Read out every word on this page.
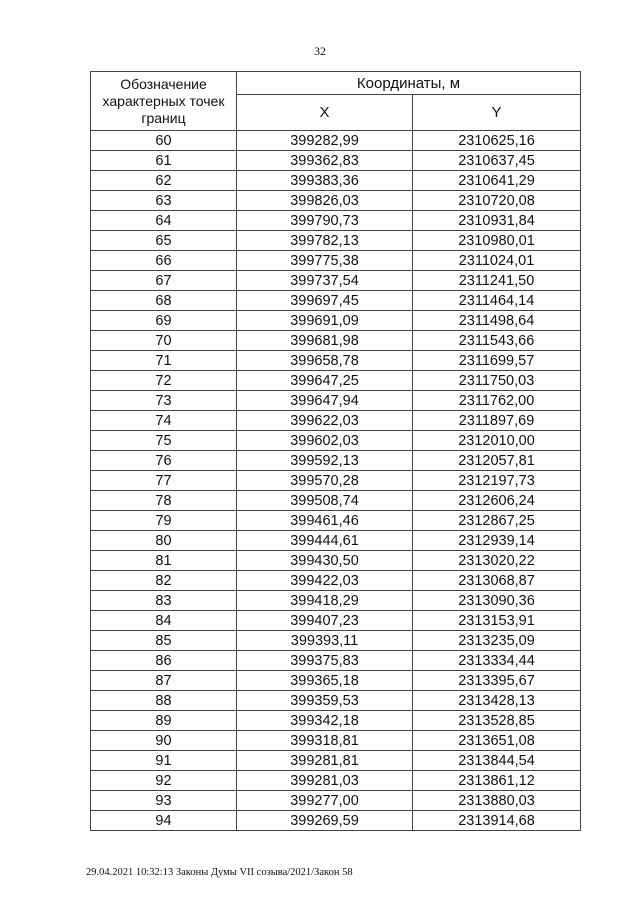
32
Обозначение характерных точек границ	Координаты, м	
	X	Y
60	399282,99	2310625,16
61	399362,83	2310637,45
62	399383,36	2310641,29
63	399826,03	2310720,08
64	399790,73	2310931,84
65	399782,13	2310980,01
66	399775,38	2311024,01
67	399737,54	2311241,50
68	399697,45	2311464,14
69	399691,09	2311498,64
70	399681,98	2311543,66
71	399658,78	2311699,57
72	399647,25	2311750,03
73	399647,94	2311762,00
74	399622,03	2311897,69
75	399602,03	2312010,00
76	399592,13	2312057,81
77	399570,28	2312197,73
78	399508,74	2312606,24
79	399461,46	2312867,25
80	399444,61	2312939,14
81	399430,50	2313020,22
82	399422,03	2313068,87
83	399418,29	2313090,36
84	399407,23	2313153,91
85	399393,11	2313235,09
86	399375,83	2313334,44
87	399365,18	2313395,67
88	399359,53	2313428,13
89	399342,18	2313528,85
90	399318,81	2313651,08
91	399281,81	2313844,54
92	399281,03	2313861,12
93	399277,00	2313880,03
94	399269,59	2313914,68
29.04.2021 10:32:13 Законы Думы VII созыва/2021/Закон 58
